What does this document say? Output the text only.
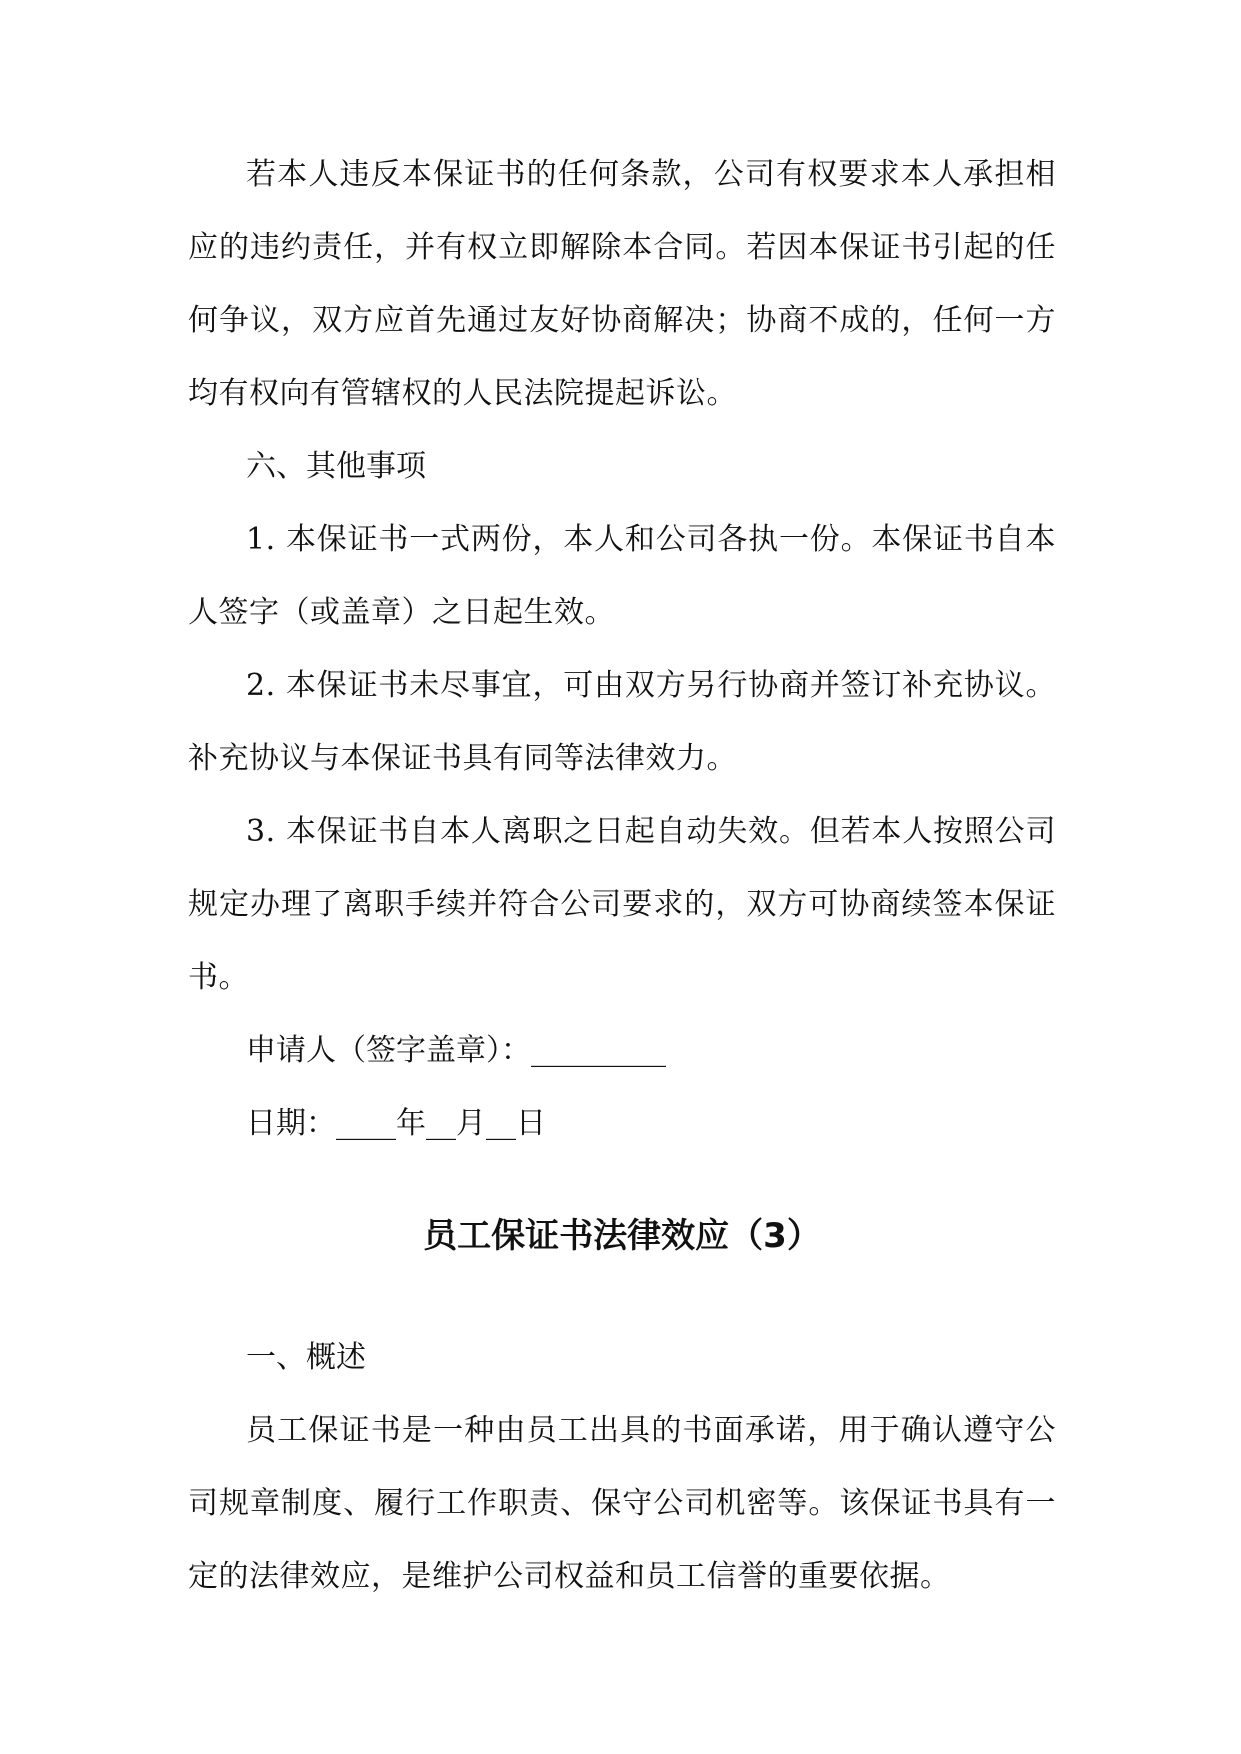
若本人违反本保证书的任何条款，公司有权要求本人承担相应的违约责任，并有权立即解除本合同。若因本保证书引起的任何争议，双方应首先通过友好协商解决；协商不成的，任何一方均有权向有管辖权的人民法院提起诉讼。

六、其他事项

1. 本保证书一式两份，本人和公司各执一份。本保证书自本人签字（或盖章）之日起生效。

2. 本保证书未尽事宜，可由双方另行协商并签订补充协议。补充协议与本保证书具有同等法律效力。

3. 本保证书自本人离职之日起自动失效。但若本人按照公司规定办理了离职手续并符合公司要求的，双方可协商续签本保证书。

申请人（签字盖章）：_________

日期：____年__月__日

员工保证书法律效应（3）

一、概述

员工保证书是一种由员工出具的书面承诺，用于确认遵守公司规章制度、履行工作职责、保守公司机密等。该保证书具有一定的法律效应，是维护公司权益和员工信誉的重要依据。
